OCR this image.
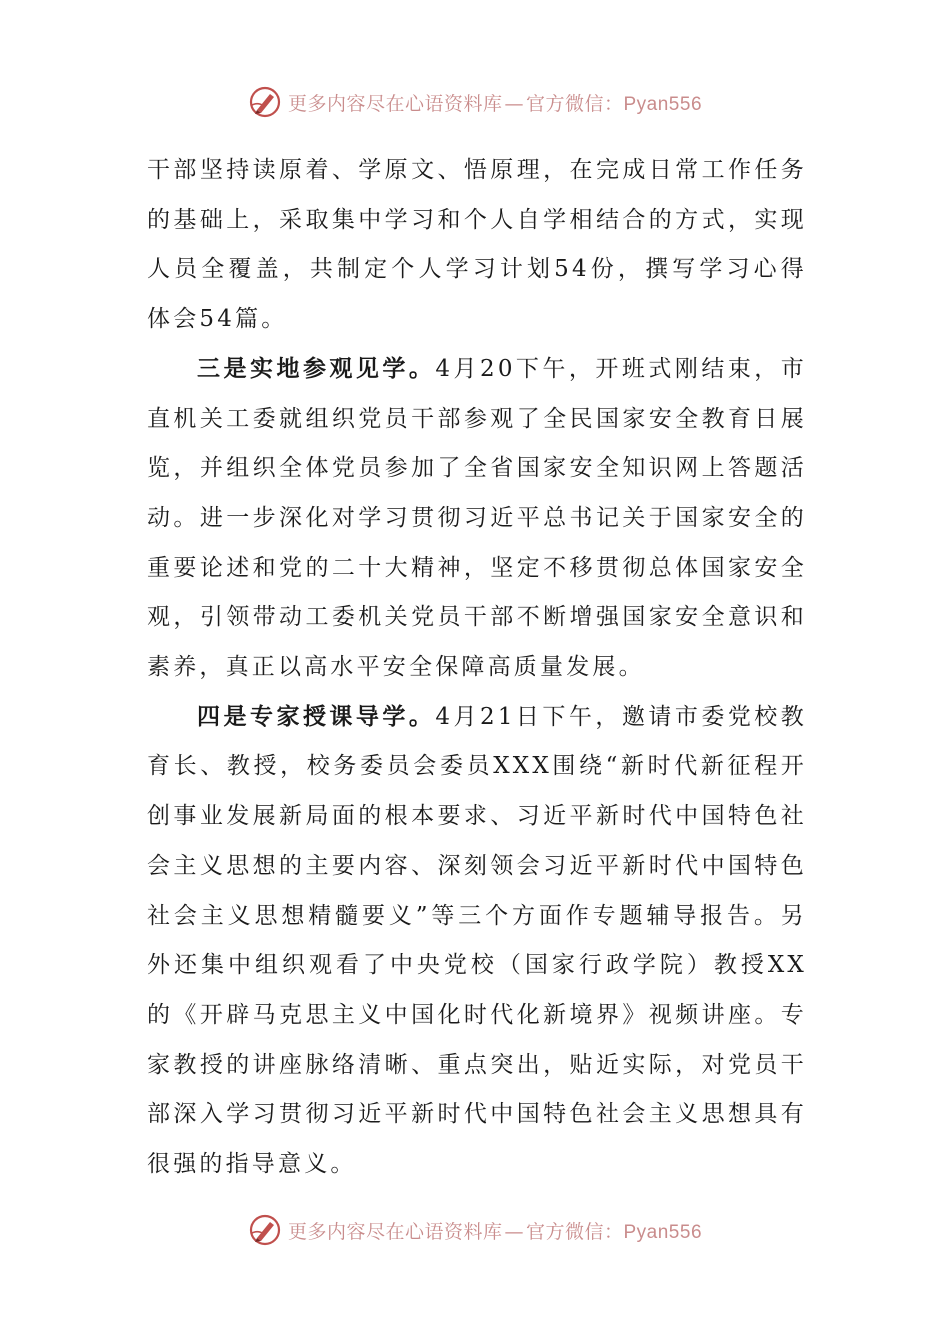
更多内容尽在心语资料库 — 官方微信：Pyan556

干部坚持读原着、学原文、悟原理，在完成日常工作任务的基础上，采取集中学习和个人自学相结合的方式，实现人员全覆盖，共制定个人学习计划54份，撰写学习心得体会54篇。

三是实地参观见学。4月20下午，开班式刚结束，市直机关工委就组织党员干部参观了全民国家安全教育日展览，并组织全体党员参加了全省国家安全知识网上答题活动。进一步深化对学习贯彻习近平总书记关于国家安全的重要论述和党的二十大精神，坚定不移贯彻总体国家安全观，引领带动工委机关党员干部不断增强国家安全意识和素养，真正以高水平安全保障高质量发展。

四是专家授课导学。4月21日下午，邀请市委党校教育长、教授，校务委员会委员XXX围绕“新时代新征程开创事业发展新局面的根本要求、习近平新时代中国特色社会主义思想的主要内容、深刻领会习近平新时代中国特色社会主义思想精髓要义”等三个方面作专题辅导报告。另外还集中组织观看了中央党校（国家行政学院）教授XX的《开辟马克思主义中国化时代化新境界》视频讲座。专家教授的讲座脉络清晰、重点突出，贴近实际，对党员干部深入学习贯彻习近平新时代中国特色社会主义思想具有很强的指导意义。

更多内容尽在心语资料库 — 官方微信：Pyan556
